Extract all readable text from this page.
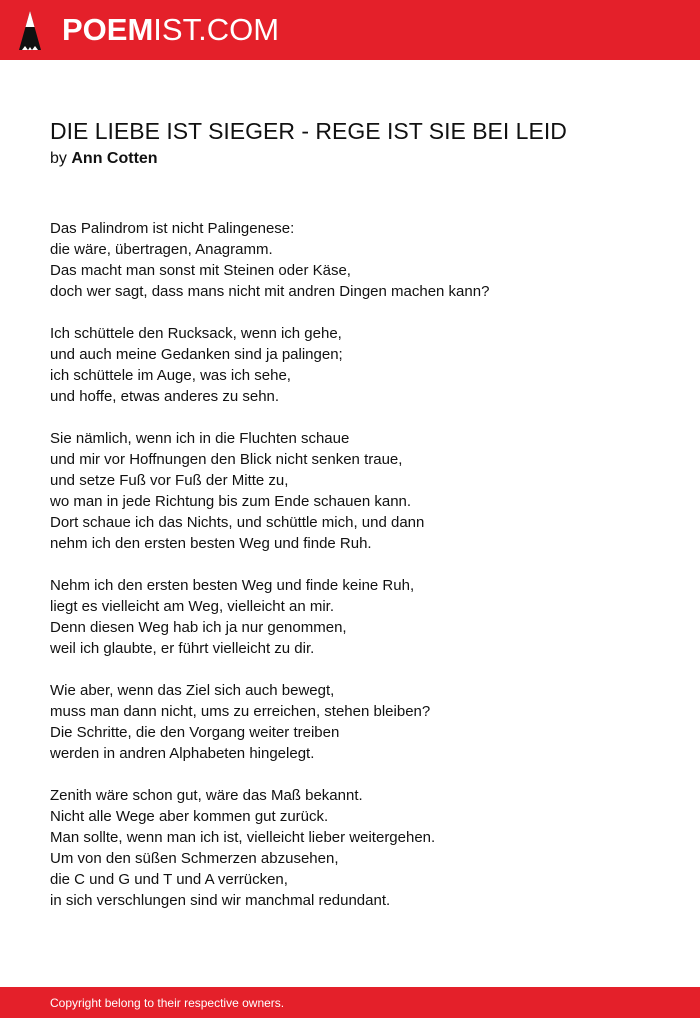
POEMIST.COM
DIE LIEBE IST SIEGER - REGE IST SIE BEI LEID
by Ann Cotten
Das Palindrom ist nicht Palingenese:
die wäre, übertragen, Anagramm.
Das macht man sonst mit Steinen oder Käse,
doch wer sagt, dass mans nicht mit andren Dingen machen kann?
Ich schüttele den Rucksack, wenn ich gehe,
und auch meine Gedanken sind ja palingen;
ich schüttele im Auge, was ich sehe,
und hoffe, etwas anderes zu sehn.
Sie nämlich, wenn ich in die Fluchten schaue
und mir vor Hoffnungen den Blick nicht senken traue,
und setze Fuß vor Fuß der Mitte zu,
wo man in jede Richtung bis zum Ende schauen kann.
Dort schaue ich das Nichts, und schüttle mich, und dann
nehm ich den ersten besten Weg und finde Ruh.
Nehm ich den ersten besten Weg und finde keine Ruh,
liegt es vielleicht am Weg, vielleicht an mir.
Denn diesen Weg hab ich ja nur genommen,
weil ich glaubte, er führt vielleicht zu dir.
Wie aber, wenn das Ziel sich auch bewegt,
muss man dann nicht, ums zu erreichen, stehen bleiben?
Die Schritte, die den Vorgang weiter treiben
werden in andren Alphabeten hingelegt.
Zenith wäre schon gut, wäre das Maß bekannt.
Nicht alle Wege aber kommen gut zurück.
Man sollte, wenn man ich ist, vielleicht lieber weitergehen.
Um von den süßen Schmerzen abzusehen,
die C und G und T und A verrücken,
in sich verschlungen sind wir manchmal redundant.
Copyright belong to their respective owners.
